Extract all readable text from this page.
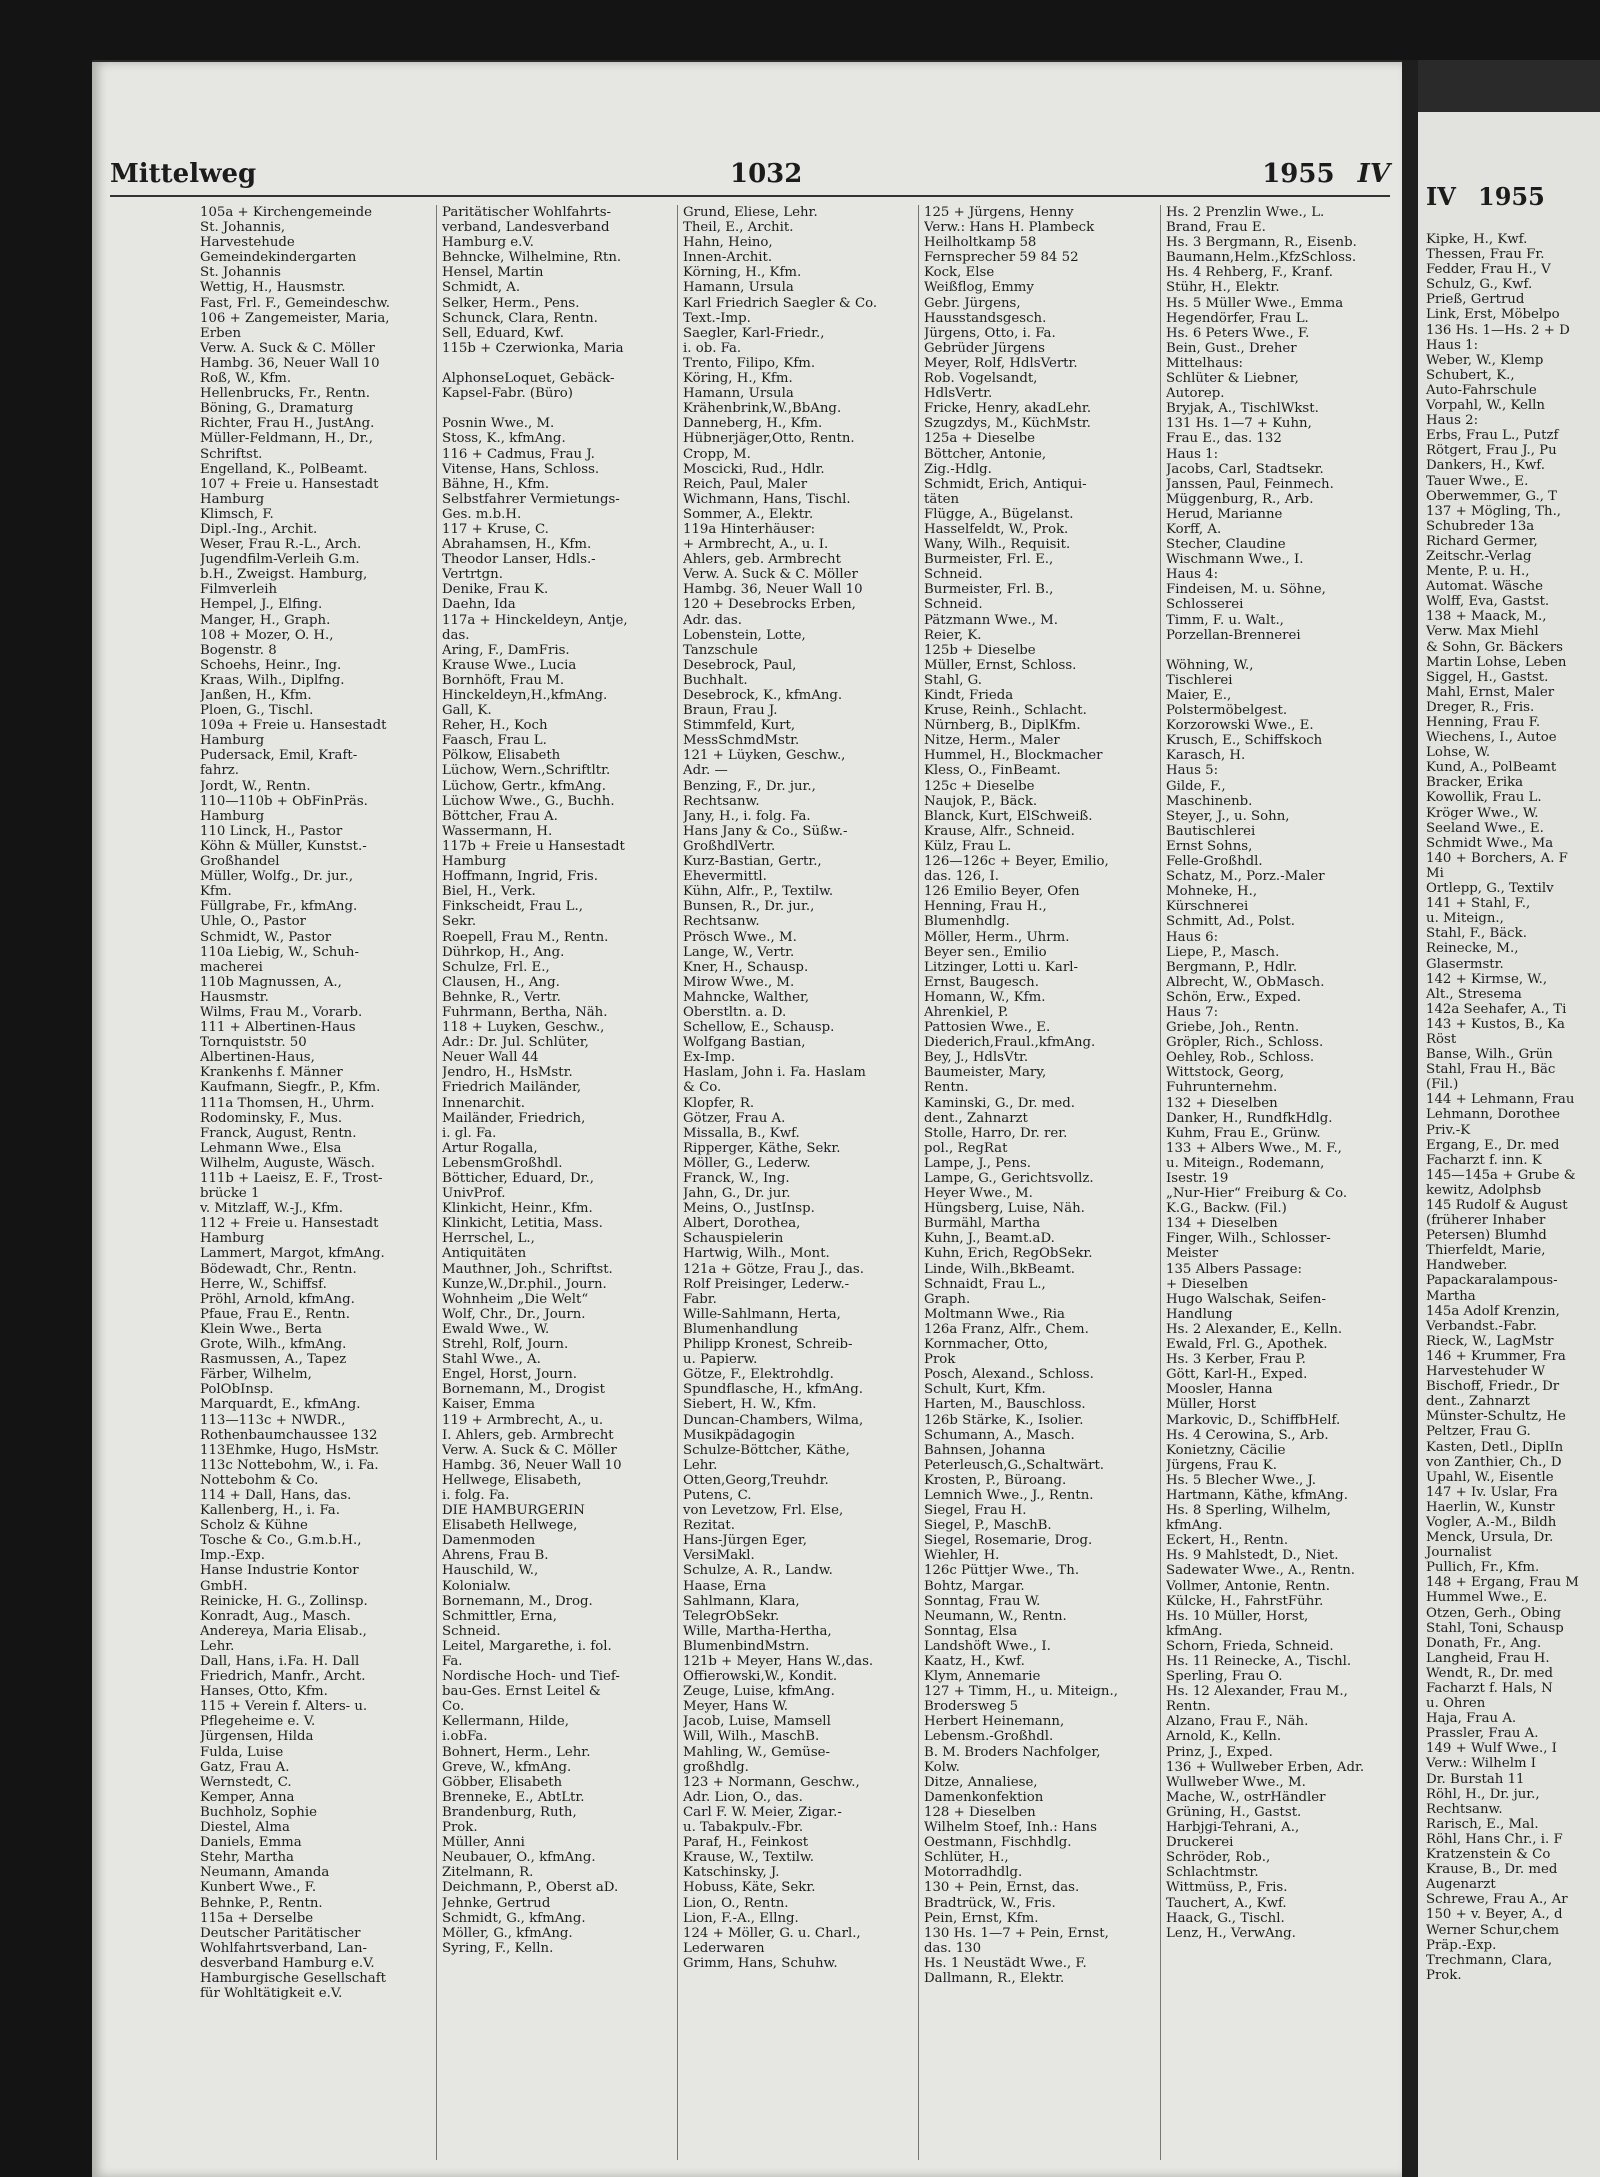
IV 1955
Kipke, H., Kwf.
Thessen, Frau Fr.
Fedder, Frau H., V
Schulz, G., Kwf.
Prieß, Gertrud
Link, Erst, Möbelpo
136 Hs. 1—Hs. 2 + D
Haus 1:
Weber, W., Klemp
Schubert, K.,
Auto-Fahrschule
Vorpahl, W., Kelln
Haus 2:
Erbs, Frau L., Putzf
Rötgert, Frau J., Pu
Dankers, H., Kwf.
Tauer Wwe., E.
Oberwemmer, G., T
137 + Mögling, Th.,
Schubreder 13a
Richard Germer,
Zeitschr.-Verlag
Mente, P. u. H.,
Automat. Wäsche
Wolff, Eva, Gastst.
138 + Maack, M.,
Verw. Max Miehl
& Sohn, Gr. Bäckers
Martin Lohse, Leben
Siggel, H., Gastst.
Mahl, Ernst, Maler
Dreger, R., Fris.
Henning, Frau F.
Wiechens, I., Autoe
Lohse, W.
Kund, A., PolBeamt
Bracker, Erika
Kowollik, Frau L.
Kröger Wwe., W.
Seeland Wwe., E.
Schmidt Wwe., Ma
140 + Borchers, A. F
Mi
Ortlepp, G., Textilv
141 + Stahl, F.,
u. Miteign.,
Stahl, F., Bäck.
Reinecke, M.,
Glasermstr.
142 + Kirmse, W.,
Alt., Stresema
142a Seehafer, A., Ti
143 + Kustos, B., Ka
Röst
Banse, Wilh., Grün
Stahl, Frau H., Bäc
(Fil.)
144 + Lehmann, Frau
Lehmann, Dorothee
Priv.-K
Ergang, E., Dr. med
Facharzt f. inn. K
145—145a + Grube &
kewitz, Adolphsb
145 Rudolf & August
(früherer Inhaber
Petersen) Blumhd
Thierfeldt, Marie,
Handweber.
Papackaralampous-
Martha
145a Adolf Krenzin,
Verbandst.-Fabr.
Rieck, W., LagMstr
146 + Krummer, Fra
Harvestehuder W
Bischoff, Friedr., Dr
dent., Zahnarzt
Münster-Schultz, He
Peltzer, Frau G.
Kasten, Detl., DiplIn
von Zanthier, Ch., D
Upahl, W., Eisentle
147 + Iv. Uslar, Fra
Haerlin, W., Kunstr
Vogler, A.-M., Bildh
Menck, Ursula, Dr.
Journalist
Pullich, Fr., Kfm.
148 + Ergang, Frau M
Hummel Wwe., E.
Otzen, Gerh., Obing
Stahl, Toni, Schausp
Donath, Fr., Ang.
Langheid, Frau H.
Wendt, R., Dr. med
Facharzt f. Hals, N
u. Ohren
Haja, Frau A.
Prassler, Frau A.
149 + Wulf Wwe., I
Verw.: Wilhelm I
Dr. Burstah 11
Röhl, H., Dr. jur.,
Rechtsanw.
Rarisch, E., Mal.
Röhl, Hans Chr., i. F
Kratzenstein & Co
Krause, B., Dr. med
Augenarzt
Schrewe, Frau A., Ar
150 + v. Beyer, A., d
Werner Schur,chem
Präp.-Exp.
Trechmann, Clara,
Prok.
Mittelweg	1032	1955 IV
105a + Kirchengemeinde
St. Johannis,
Harvestehude
Gemeindekindergarten
St. Johannis
Wettig, H., Hausmstr.
Fast, Frl. F., Gemeindeschw.
106 + Zangemeister, Maria,
Erben
Verw. A. Suck & C. Möller
Hambg. 36, Neuer Wall 10
Roß, W., Kfm.
Hellenbrucks, Fr., Rentn.
Böning, G., Dramaturg
Richter, Frau H., JustAng.
Müller-Feldmann, H., Dr.,
Schriftst.
Engelland, K., PolBeamt.
107 + Freie u. Hansestadt
Hamburg
Klimsch, F.
Dipl.-Ing., Archit.
Weser, Frau R.-L., Arch.
Jugendfilm-Verleih G.m.
b.H., Zweigst. Hamburg,
Filmverleih
Hempel, J., Elfing.
Manger, H., Graph.
108 + Mozer, O. H.,
Bogenstr. 8
Schoehs, Heinr., Ing.
Kraas, Wilh., Diplfng.
Janßen, H., Kfm.
Ploen, G., Tischl.
109a + Freie u. Hansestadt
Hamburg
Pudersack, Emil, Kraft-
fahrz.
Jordt, W., Rentn.
110—110b + ObFinPräs.
Hamburg
110 Linck, H., Pastor
Köhn & Müller, Kunstst.-
Großhandel
Müller, Wolfg., Dr. jur.,
Kfm.
Füllgrabe, Fr., kfmAng.
Uhle, O., Pastor
Schmidt, W., Pastor
110a Liebig, W., Schuh-
macherei
110b Magnussen, A.,
Hausmstr.
Wilms, Frau M., Vorarb.
111 + Albertinen-Haus
Tornquiststr. 50
Albertinen-Haus,
Krankenhs f. Männer
Kaufmann, Siegfr., P., Kfm.
111a Thomsen, H., Uhrm.
Rodominsky, F., Mus.
Franck, August, Rentn.
Lehmann Wwe., Elsa
Wilhelm, Auguste, Wäsch.
111b + Laeisz, E. F., Trost-
brücke 1
v. Mitzlaff, W.-J., Kfm.
112 + Freie u. Hansestadt
Hamburg
Lammert, Margot, kfmAng.
Bödewadt, Chr., Rentn.
Herre, W., Schiffsf.
Pröhl, Arnold, kfmAng.
Pfaue, Frau E., Rentn.
Klein Wwe., Berta
Grote, Wilh., kfmAng.
Rasmussen, A., Tapez
Färber, Wilhelm,
PolObInsp.
Marquardt, E., kfmAng.
113—113c + NWDR.,
Rothenbaumchaussee 132
113Ehmke, Hugo, HsMstr.
113c Nottebohm, W., i. Fa.
Nottebohm & Co.
114 + Dall, Hans, das.
Kallenberg, H., i. Fa.
Scholz & Kühne
Tosche & Co., G.m.b.H.,
Imp.-Exp.
Hanse Industrie Kontor
GmbH.
Reinicke, H. G., Zollinsp.
Konradt, Aug., Masch.
Andereya, Maria Elisab.,
Lehr.
Dall, Hans, i.Fa. H. Dall
Friedrich, Manfr., Archt.
Hanses, Otto, Kfm.
115 + Verein f. Alters- u.
Pflegeheime e. V.
Jürgensen, Hilda
Fulda, Luise
Gatz, Frau A.
Wernstedt, C.
Kemper, Anna
Buchholz, Sophie
Diestel, Alma
Daniels, Emma
Stehr, Martha
Neumann, Amanda
Kunbert Wwe., F.
Behnke, P., Rentn.
115a + Derselbe
Deutscher Paritätischer
Wohlfahrtsverband, Lan-
desverband Hamburg e.V.
Hamburgische Gesellschaft
für Wohltätigkeit e.V.
Paritätischer Wohlfahrts-
verband, Landesverband
Hamburg e.V.
Behncke, Wilhelmine, Rtn.
Hensel, Martin
Schmidt, A.
Selker, Herm., Pens.
Schunck, Clara, Rentn.
Sell, Eduard, Kwf.
115b + Czerwionka, Maria

AlphonseLoquet, Gebäck-
Kapsel-Fabr. (Büro)

Posnin Wwe., M.
Stoss, K., kfmAng.
116 + Cadmus, Frau J.
Vitense, Hans, Schloss.
Bähne, H., Kfm.
Selbstfahrer Vermietungs-
Ges. m.b.H.
117 + Kruse, C.
Abrahamsen, H., Kfm.
Theodor Lanser, Hdls.-
Vertrtgn.
Denike, Frau K.
Daehn, Ida
117a + Hinckeldeyn, Antje,
das.
Aring, F., DamFris.
Krause Wwe., Lucia
Bornhöft, Frau M.
Hinckeldeyn,H.,kfmAng.
Gall, K.
Reher, H., Koch
Faasch, Frau L.
Pölkow, Elisabeth
Lüchow, Wern.,Schriftltr.
Lüchow, Gertr., kfmAng.
Lüchow Wwe., G., Buchh.
Böttcher, Frau A.
Wassermann, H.
117b + Freie u Hansestadt
Hamburg
Hoffmann, Ingrid, Fris.
Biel, H., Verk.
Finkscheidt, Frau L.,
Sekr.
Roepell, Frau M., Rentn.
Dührkop, H., Ang.
Schulze, Frl. E.,
Clausen, H., Ang.
Behnke, R., Vertr.
Fuhrmann, Bertha, Näh.
118 + Luyken, Geschw.,
Adr.: Dr. Jul. Schlüter,
Neuer Wall 44
Jendro, H., HsMstr.
Friedrich Mailänder,
Innenarchit.
Mailänder, Friedrich,
i. gl. Fa.
Artur Rogalla,
LebensmGroßhdl.
Bötticher, Eduard, Dr.,
UnivProf.
Klinkicht, Heinr., Kfm.
Klinkicht, Letitia, Mass.
Herrschel, L.,
Antiquitäten
Mauthner, Joh., Schriftst.
Kunze,W.,Dr.phil., Journ.
Wohnheim „Die Welt“
Wolf, Chr., Dr., Journ.
Ewald Wwe., W.
Strehl, Rolf, Journ.
Stahl Wwe., A.
Engel, Horst, Journ.
Bornemann, M., Drogist
Kaiser, Emma
119 + Armbrecht, A., u.
I. Ahlers, geb. Armbrecht
Verw. A. Suck & C. Möller
Hambg. 36, Neuer Wall 10
Hellwege, Elisabeth,
i. folg. Fa.
DIE HAMBURGERIN
Elisabeth Hellwege,
Damenmoden
Ahrens, Frau B.
Hauschild, W.,
Kolonialw.
Bornemann, M., Drog.
Schmittler, Erna,
Schneid.
Leitel, Margarethe, i. fol.
Fa.
Nordische Hoch- und Tief-
bau-Ges. Ernst Leitel &
Co.
Kellermann, Hilde,
i.obFa.
Bohnert, Herm., Lehr.
Greve, W., kfmAng.
Göbber, Elisabeth
Brenneke, E., AbtLtr.
Brandenburg, Ruth,
Prok.
Müller, Anni
Neubauer, O., kfmAng.
Zitelmann, R.
Deichmann, P., Oberst aD.
Jehnke, Gertrud
Schmidt, G., kfmAng.
Möller, G., kfmAng.
Syring, F., Kelln.
Grund, Eliese, Lehr.
Theil, E., Archit.
Hahn, Heino,
Innen-Archit.
Körning, H., Kfm.
Hamann, Ursula
Karl Friedrich Saegler & Co.
Text.-Imp.
Saegler, Karl-Friedr.,
i. ob. Fa.
Trento, Filipo, Kfm.
Köring, H., Kfm.
Hamann, Ursula
Krähenbrink,W.,BbAng.
Danneberg, H., Kfm.
Hübnerjäger,Otto, Rentn.
Cropp, M.
Moscicki, Rud., Hdlr.
Reich, Paul, Maler
Wichmann, Hans, Tischl.
Sommer, A., Elektr.
119a Hinterhäuser:
+ Armbrecht, A., u. I.
Ahlers, geb. Armbrecht
Verw. A. Suck & C. Möller
Hambg. 36, Neuer Wall 10
120 + Desebrocks Erben,
Adr. das.
Lobenstein, Lotte,
Tanzschule
Desebrock, Paul,
Buchhalt.
Desebrock, K., kfmAng.
Braun, Frau J.
Stimmfeld, Kurt,
MessSchmdMstr.
121 + Lüyken, Geschw.,
Adr. —
Benzing, F., Dr. jur.,
Rechtsanw.
Jany, H., i. folg. Fa.
Hans Jany & Co., Süßw.-
GroßhdlVertr.
Kurz-Bastian, Gertr.,
Ehevermittl.
Kühn, Alfr., P., Textilw.
Bunsen, R., Dr. jur.,
Rechtsanw.
Prösch Wwe., M.
Lange, W., Vertr.
Kner, H., Schausp.
Mirow Wwe., M.
Mahncke, Walther,
Oberstltn. a. D.
Schellow, E., Schausp.
Wolfgang Bastian,
Ex-Imp.
Haslam, John i. Fa. Haslam
& Co.
Klopfer, R.
Götzer, Frau A.
Missalla, B., Kwf.
Ripperger, Käthe, Sekr.
Möller, G., Lederw.
Franck, W., Ing.
Jahn, G., Dr. jur.
Meins, O., JustInsp.
Albert, Dorothea,
Schauspielerin
Hartwig, Wilh., Mont.
121a + Götze, Frau J., das.
Rolf Preisinger, Lederw.-
Fabr.
Wille-Sahlmann, Herta,
Blumenhandlung
Philipp Kronest, Schreib-
u. Papierw.
Götze, F., Elektrohdlg.
Spundflasche, H., kfmAng.
Siebert, H. W., Kfm.
Duncan-Chambers, Wilma,
Musikpädagogin
Schulze-Böttcher, Käthe,
Lehr.
Otten,Georg,Treuhdr.
Putens, C.
von Levetzow, Frl. Else,
Rezitat.
Hans-Jürgen Eger,
VersiMakl.
Schulze, A. R., Landw.
Haase, Erna
Sahlmann, Klara,
TelegrObSekr.
Wille, Martha-Hertha,
BlumenbindMstrn.
121b + Meyer, Hans W.,das.
Offierowski,W., Kondit.
Zeuge, Luise, kfmAng.
Meyer, Hans W.
Jacob, Luise, Mamsell
Will, Wilh., MaschB.
Mahling, W., Gemüse-
großhdlg.
123 + Normann, Geschw.,
Adr. Lion, O., das.
Carl F. W. Meier, Zigar.-
u. Tabakpulv.-Fbr.
Paraf, H., Feinkost
Krause, W., Textilw.
Katschinsky, J.
Hobuss, Käte, Sekr.
Lion, O., Rentn.
Lion, F.-A., Ellng.
124 + Möller, G. u. Charl.,
Lederwaren
Grimm, Hans, Schuhw.
125 + Jürgens, Henny
Verw.: Hans H. Plambeck
Heilholtkamp 58
Fernsprecher 59 84 52
Kock, Else
Weißflog, Emmy
Gebr. Jürgens,
Hausstandsgesch.
Jürgens, Otto, i. Fa.
Gebrüder Jürgens
Meyer, Rolf, HdlsVertr.
Rob. Vogelsandt,
HdlsVertr.
Fricke, Henry, akadLehr.
Szugzdys, M., KüchMstr.
125a + Dieselbe
Böttcher, Antonie,
Zig.-Hdlg.
Schmidt, Erich, Antiqui-
täten
Flügge, A., Bügelanst.
Hasselfeldt, W., Prok.
Wany, Wilh., Requisit.
Burmeister, Frl. E.,
Schneid.
Burmeister, Frl. B.,
Schneid.
Pätzmann Wwe., M.
Reier, K.
125b + Dieselbe
Müller, Ernst, Schloss.
Stahl, G.
Kindt, Frieda
Kruse, Reinh., Schlacht.
Nürnberg, B., DiplKfm.
Nitze, Herm., Maler
Hummel, H., Blockmacher
Kless, O., FinBeamt.
125c + Dieselbe
Naujok, P., Bäck.
Blanck, Kurt, ElSchweiß.
Krause, Alfr., Schneid.
Külz, Frau L.
126—126c + Beyer, Emilio,
das. 126, I.
126 Emilio Beyer, Öfen
Henning, Frau H.,
Blumenhdlg.
Möller, Herm., Uhrm.
Beyer sen., Emilio
Litzinger, Lotti u. Karl-
Ernst, Baugesch.
Homann, W., Kfm.
Ahrenkiel, P.
Pattosien Wwe., E.
Diederich,Fraul.,kfmAng.
Bey, J., HdlsVtr.
Baumeister, Mary,
Rentn.
Kaminski, G., Dr. med.
dent., Zahnarzt
Stolle, Harro, Dr. rer.
pol., RegRat
Lampe, J., Pens.
Lampe, G., Gerichtsvollz.
Heyer Wwe., M.
Hüngsberg, Luise, Näh.
Burmähl, Martha
Kuhn, J., Beamt.aD.
Kuhn, Erich, RegObSekr.
Linde, Wilh.,BkBeamt.
Schnaidt, Frau L.,
Graph.
Moltmann Wwe., Ria
126a Franz, Alfr., Chem.
Kornmacher, Otto,
Prok
Posch, Alexand., Schloss.
Schult, Kurt, Kfm.
Harten, M., Bauschloss.
126b Stärke, K., Isolier.
Schumann, A., Masch.
Bahnsen, Johanna
Peterleusch,G.,Schaltwärt.
Krosten, P., Büroang.
Lemnich Wwe., J., Rentn.
Siegel, Frau H.
Siegel, P., MaschB.
Siegel, Rosemarie, Drog.
Wiehler, H.
126c Püttjer Wwe., Th.
Bohtz, Margar.
Sonntag, Frau W.
Neumann, W., Rentn.
Sonntag, Elsa
Landshöft Wwe., I.
Kaatz, H., Kwf.
Klym, Annemarie
127 + Timm, H., u. Miteign.,
Brodersweg 5
Herbert Heinemann,
Lebensm.-Großhdl.
B. M. Broders Nachfolger,
Kolw.
Ditze, Annaliese,
Damenkonfektion
128 + Dieselben
Wilhelm Stoef, Inh.: Hans
Oestmann, Fischhdlg.
Schlüter, H.,
Motorradhdlg.
130 + Pein, Ernst, das.
Bradtrück, W., Fris.
Pein, Ernst, Kfm.
130 Hs. 1—7 + Pein, Ernst,
das. 130
Hs. 1 Neustädt Wwe., F.
Dallmann, R., Elektr.
Hs. 2 Prenzlin Wwe., L.
Brand, Frau E.
Hs. 3 Bergmann, R., Eisenb.
Baumann,Helm.,KfzSchloss.
Hs. 4 Rehberg, F., Kranf.
Stühr, H., Elektr.
Hs. 5 Müller Wwe., Emma
Hegendörfer, Frau L.
Hs. 6 Peters Wwe., F.
Bein, Gust., Dreher
Mittelhaus:
Schlüter & Liebner,
Autorep.
Bryjak, A., TischlWkst.
131 Hs. 1—7 + Kuhn,
Frau E., das. 132
Haus 1:
Jacobs, Carl, Stadtsekr.
Janssen, Paul, Feinmech.
Müggenburg, R., Arb.
Herud, Marianne
Korff, A.
Stecher, Claudine
Wischmann Wwe., I.
Haus 4:
Findeisen, M. u. Söhne,
Schlosserei
Timm, F. u. Walt.,
Porzellan-Brennerei

Wöhning, W.,
Tischlerei
Maier, E.,
Polstermöbelgest.
Korzorowski Wwe., E.
Krusch, E., Schiffskoch
Karasch, H.
Haus 5:
Gilde, F.,
Maschinenb.
Steyer, J., u. Sohn,
Bautischlerei
Ernst Sohns,
Felle-Großhdl.
Schatz, M., Porz.-Maler
Mohneke, H.,
Kürschnerei
Schmitt, Ad., Polst.
Haus 6:
Liepe, P., Masch.
Bergmann, P., Hdlr.
Albrecht, W., ObMasch.
Schön, Erw., Exped.
Haus 7:
Griebe, Joh., Rentn.
Gröpler, Rich., Schloss.
Oehley, Rob., Schloss.
Wittstock, Georg,
Fuhrunternehm.
132 + Dieselben
Danker, H., RundfkHdlg.
Kuhm, Frau E., Grünw.
133 + Albers Wwe., M. F.,
u. Miteign., Rodemann,
Isestr. 19
„Nur-Hier“ Freiburg & Co.
K.G., Backw. (Fil.)
134 + Dieselben
Finger, Wilh., Schlosser-
Meister
135 Albers Passage:
+ Dieselben
Hugo Walschak, Seifen-
Handlung
Hs. 2 Alexander, E., Kelln.
Ewald, Frl. G., Apothek.
Hs. 3 Kerber, Frau P.
Gött, Karl-H., Exped.
Moosler, Hanna
Müller, Horst
Markovic, D., SchiffbHelf.
Hs. 4 Cerowina, S., Arb.
Konietzny, Cäcilie
Jürgens, Frau K.
Hs. 5 Blecher Wwe., J.
Hartmann, Käthe, kfmAng.
Hs. 8 Sperling, Wilhelm,
kfmAng.
Eckert, H., Rentn.
Hs. 9 Mahlstedt, D., Niet.
Sadewater Wwe., A., Rentn.
Vollmer, Antonie, Rentn.
Külcke, H., FahrstFühr.
Hs. 10 Müller, Horst,
kfmAng.
Schorn, Frieda, Schneid.
Hs. 11 Reinecke, A., Tischl.
Sperling, Frau O.
Hs. 12 Alexander, Frau M.,
Rentn.
Alzano, Frau F., Näh.
Arnold, K., Kelln.
Prinz, J., Exped.
136 + Wullweber Erben, Adr.
Wullweber Wwe., M.
Mache, W., ostrHändler
Grüning, H., Gastst.
Harbjgi-Tehrani, A.,
Druckerei
Schröder, Rob.,
Schlachtmstr.
Wittmüss, P., Fris.
Tauchert, A., Kwf.
Haack, G., Tischl.
Lenz, H., VerwAng.
